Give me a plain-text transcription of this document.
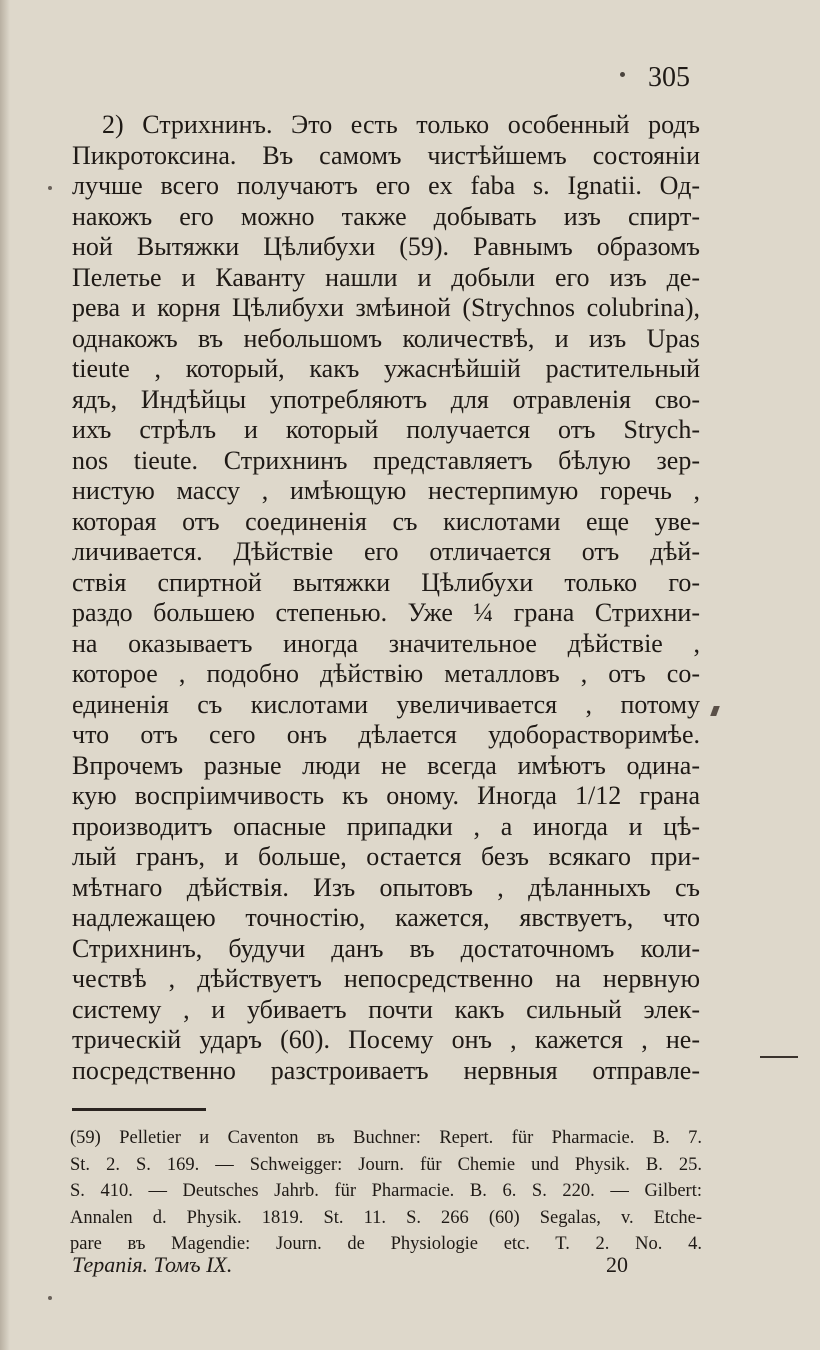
305
2) Стрихнинъ. Это есть только особенный родъ
Пикротоксина. Въ самомъ чистѣйшемъ состояніи
лучше всего получаютъ его ex faba s. Ignatii. Од-
накожъ его можно также добывать изъ спирт-
ной Вытяжки Цѣлибухи (59). Равнымъ образомъ
Пелетье и Каванту нашли и добыли его изъ де-
рева и корня Цѣлибухи змѣиной (Strychnos colubrina),
однакожъ въ небольшомъ количествѣ, и изъ Upas
tieute , который, какъ ужаснѣйшій растительный
ядъ, Индѣйцы употребляютъ для отравленія сво-
ихъ стрѣлъ и который получается отъ Strych-
nos tieute. Стрихнинъ представляетъ бѣлую зер-
нистую массу , имѣющую нестерпимую горечь ,
которая отъ соединенія съ кислотами еще уве-
личивается. Дѣйствіе его отличается отъ дѣй-
ствія спиртной вытяжки Цѣлибухи только го-
раздо большею степенью. Уже ¼ грана Стрихни-
на оказываетъ иногда значительное дѣйствіе ,
которое , подобно дѣйствію металловъ , отъ со-
единенія съ кислотами увеличивается , потому
что отъ сего онъ дѣлается удоборастворимѣе.
Впрочемъ разные люди не всегда имѣютъ одина-
кую воспріимчивость къ оному. Иногда 1/12 грана
производитъ опасные припадки , а иногда и цѣ-
лый гранъ, и больше, остается безъ всякаго при-
мѣтнаго дѣйствія. Изъ опытовъ , дѣланныхъ съ
надлежащею точностію, кажется, явствуетъ, что
Стрихнинъ, будучи данъ въ достаточномъ коли-
чествѣ , дѣйствуетъ непосредственно на нервную
систему , и убиваетъ почти какъ сильный элек-
трическій ударъ (60). Посему онъ , кажется , не-
посредственно разстроиваетъ нервныя отправле-
(59) Pelletier и Caventon въ Buchner: Repert. für Pharmacie. B. 7.
St. 2. S. 169. — Schweigger: Journ. für Chemie und Physik. B. 25.
S. 410. — Deutsches Jahrb. für Pharmacie. B. 6. S. 220. — Gilbert:
Annalen d. Physik. 1819. St. 11. S. 266 (60) Segalas, v. Etche-
pare въ Magendie: Journ. de Physiologie etc. T. 2. No. 4.
Терапія. Томъ IX.	20
